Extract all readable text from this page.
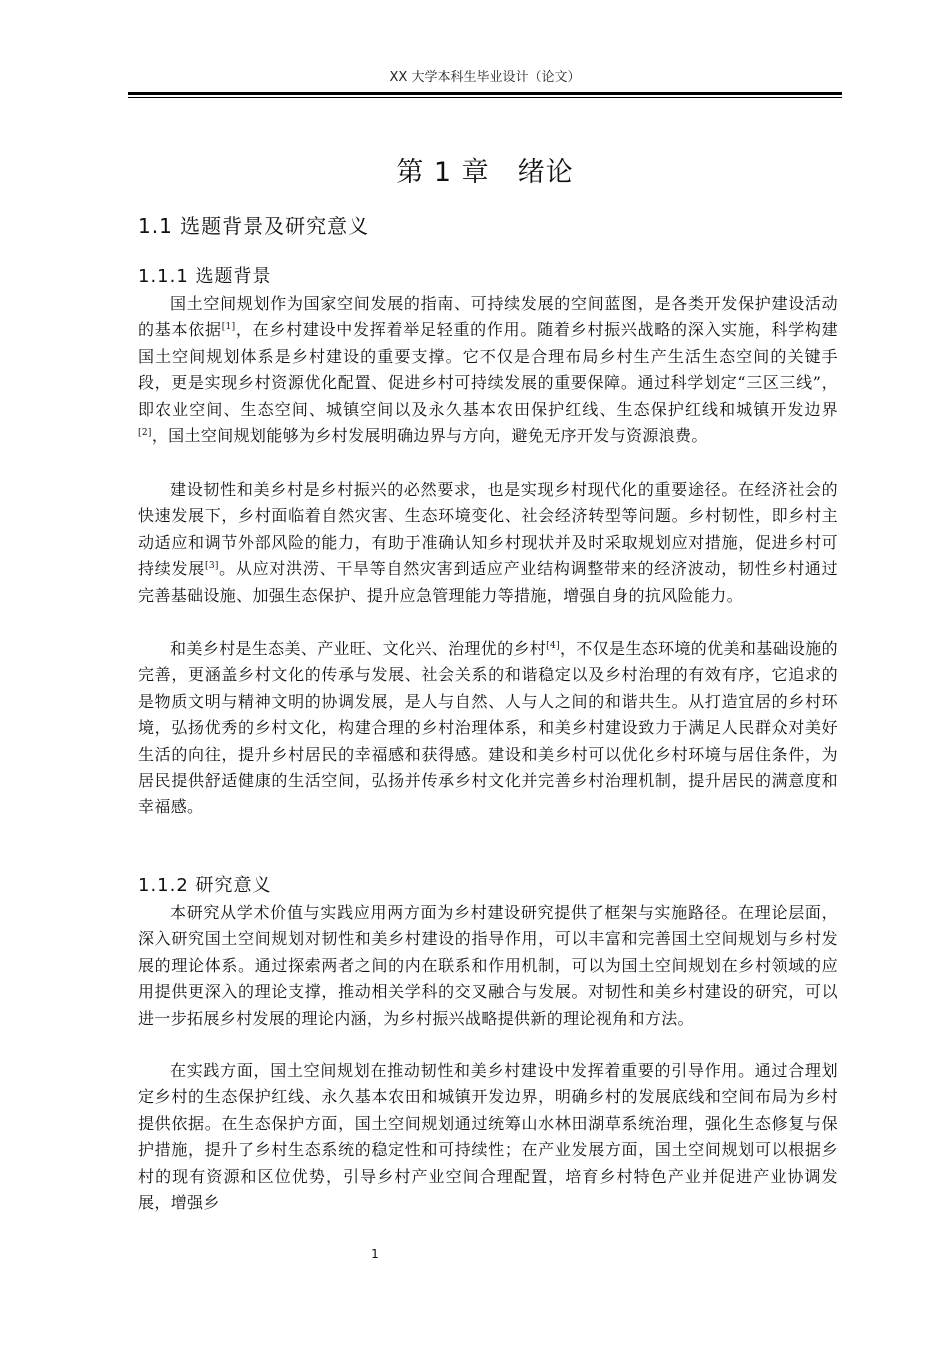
XX 大学本科生毕业设计（论文）
第 1 章　绪论
1.1 选题背景及研究意义
1.1.1 选题背景

国土空间规划作为国家空间发展的指南、可持续发展的空间蓝图，是各类开发保护建设活动的基本依据[1]，在乡村建设中发挥着举足轻重的作用。随着乡村振兴战略的深入实施，科学构建国土空间规划体系是乡村建设的重要支撑。它不仅是合理布局乡村生产生活生态空间的关键手段，更是实现乡村资源优化配置、促进乡村可持续发展的重要保障。通过科学划定“三区三线”，即农业空间、生态空间、城镇空间以及永久基本农田保护红线、生态保护红线和城镇开发边界[2]，国土空间规划能够为乡村发展明确边界与方向，避免无序开发与资源浪费。

建设韧性和美乡村是乡村振兴的必然要求，也是实现乡村现代化的重要途径。在经济社会的快速发展下，乡村面临着自然灾害、生态环境变化、社会经济转型等问题。乡村韧性，即乡村主动适应和调节外部风险的能力，有助于准确认知乡村现状并及时采取规划应对措施，促进乡村可持续发展[3]。从应对洪涝、干旱等自然灾害到适应产业结构调整带来的经济波动，韧性乡村通过完善基础设施、加强生态保护、提升应急管理能力等措施，增强自身的抗风险能力。

和美乡村是生态美、产业旺、文化兴、治理优的乡村[4]，不仅是生态环境的优美和基础设施的完善，更涵盖乡村文化的传承与发展、社会关系的和谐稳定以及乡村治理的有效有序，它追求的是物质文明与精神文明的协调发展，是人与自然、人与人之间的和谐共生。从打造宜居的乡村环境，弘扬优秀的乡村文化，构建合理的乡村治理体系，和美乡村建设致力于满足人民群众对美好生活的向往，提升乡村居民的幸福感和获得感。建设和美乡村可以优化乡村环境与居住条件，为居民提供舒适健康的生活空间，弘扬并传承乡村文化并完善乡村治理机制，提升居民的满意度和幸福感。

1.1.2 研究意义

本研究从学术价值与实践应用两方面为乡村建设研究提供了框架与实施路径。在理论层面，深入研究国土空间规划对韧性和美乡村建设的指导作用，可以丰富和完善国土空间规划与乡村发展的理论体系。通过探索两者之间的内在联系和作用机制，可以为国土空间规划在乡村领域的应用提供更深入的理论支撑，推动相关学科的交叉融合与发展。对韧性和美乡村建设的研究，可以进一步拓展乡村发展的理论内涵，为乡村振兴战略提供新的理论视角和方法。

在实践方面，国土空间规划在推动韧性和美乡村建设中发挥着重要的引导作用。通过合理划定乡村的生态保护红线、永久基本农田和城镇开发边界，明确乡村的发展底线和空间布局为乡村提供依据。在生态保护方面，国土空间规划通过统筹山水林田湖草系统治理，强化生态修复与保护措施，提升了乡村生态系统的稳定性和可持续性；在产业发展方面，国土空间规划可以根据乡村的现有资源和区位优势，引导乡村产业空间合理配置，培育乡村特色产业并促进产业协调发展，增强乡

1
